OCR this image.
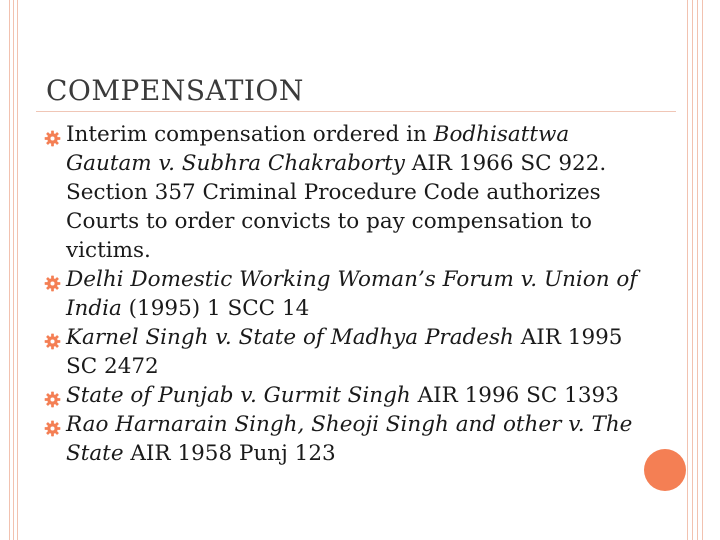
COMPENSATION
Interim compensation ordered in Bodhisattwa Gautam v. Subhra Chakraborty AIR 1966 SC 922. Section 357 Criminal Procedure Code authorizes Courts to order convicts to pay compensation to victims.
Delhi Domestic Working Woman’s Forum v. Union of India (1995) 1 SCC 14
Karnel Singh v. State of Madhya Pradesh AIR 1995 SC 2472
State of Punjab v. Gurmit Singh AIR 1996 SC 1393
Rao Harnarain Singh, Sheoji Singh and other v. The State AIR 1958 Punj 123
